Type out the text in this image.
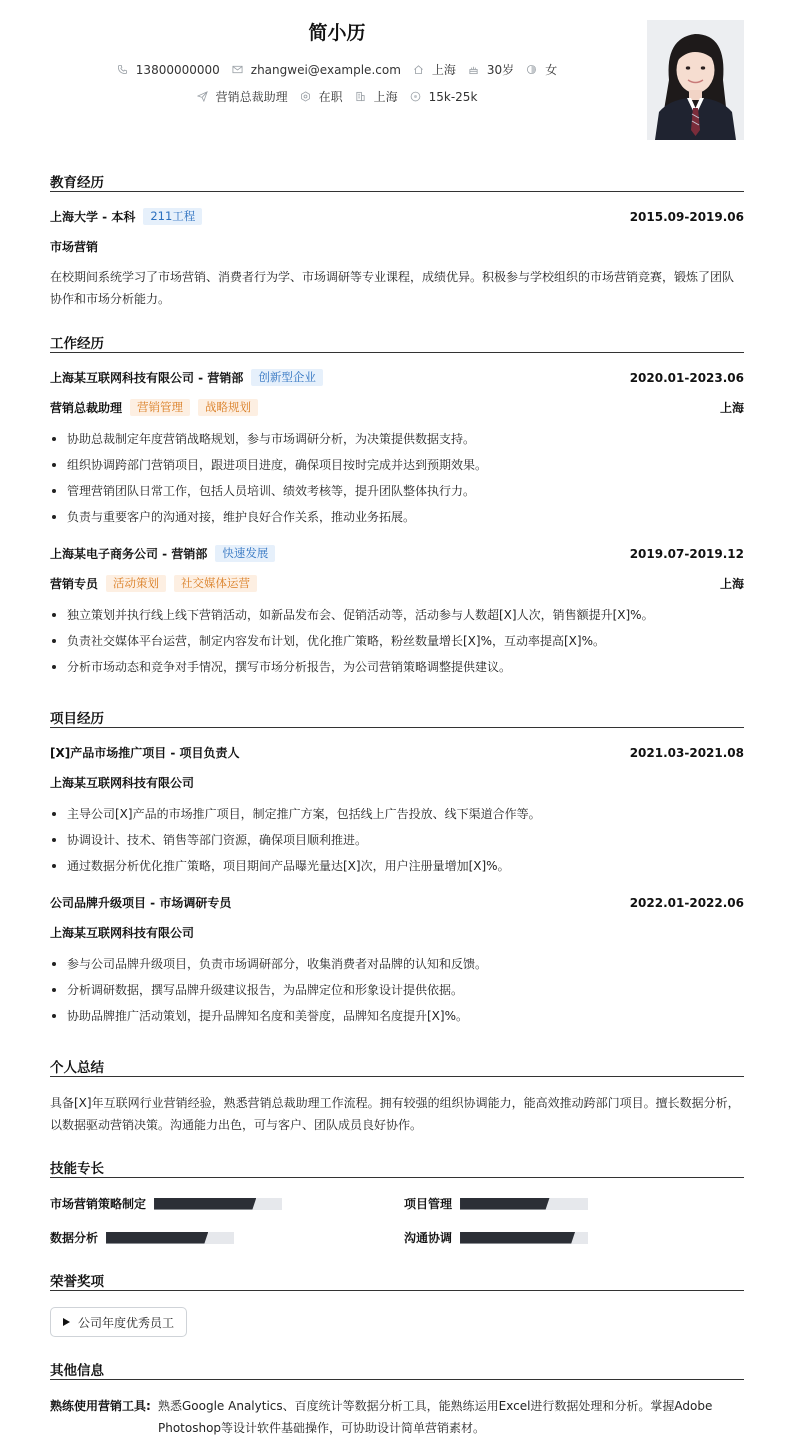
简小历
13800000000	zhangwei@example.com	上海	30岁	女
营销总裁助理	在职	上海	15k-25k
教育经历
上海大学 - 本科	211工程	2015.09-2019.06
市场营销
在校期间系统学习了市场营销、消费者行为学、市场调研等专业课程，成绩优异。积极参与学校组织的市场营销竞赛，锻炼了团队协作和市场分析能力。
工作经历
上海某互联网科技有限公司 - 营销部	创新型企业	2020.01-2023.06
营销总裁助理	营销管理	战略规划	上海
协助总裁制定年度营销战略规划，参与市场调研分析，为决策提供数据支持。
组织协调跨部门营销项目，跟进项目进度，确保项目按时完成并达到预期效果。
管理营销团队日常工作，包括人员培训、绩效考核等，提升团队整体执行力。
负责与重要客户的沟通对接，维护良好合作关系，推动业务拓展。
上海某电子商务公司 - 营销部	快速发展	2019.07-2019.12
营销专员	活动策划	社交媒体运营	上海
独立策划并执行线上线下营销活动，如新品发布会、促销活动等，活动参与人数超[X]人次，销售额提升[X]%。
负责社交媒体平台运营，制定内容发布计划，优化推广策略，粉丝数量增长[X]%，互动率提高[X]%。
分析市场动态和竞争对手情况，撰写市场分析报告，为公司营销策略调整提供建议。
项目经历
[X]产品市场推广项目 - 项目负责人	2021.03-2021.08
上海某互联网科技有限公司
主导公司[X]产品的市场推广项目，制定推广方案，包括线上广告投放、线下渠道合作等。
协调设计、技术、销售等部门资源，确保项目顺利推进。
通过数据分析优化推广策略，项目期间产品曝光量达[X]次，用户注册量增加[X]%。
公司品牌升级项目 - 市场调研专员	2022.01-2022.06
上海某互联网科技有限公司
参与公司品牌升级项目，负责市场调研部分，收集消费者对品牌的认知和反馈。
分析调研数据，撰写品牌升级建议报告，为品牌定位和形象设计提供依据。
协助品牌推广活动策划，提升品牌知名度和美誉度，品牌知名度提升[X]%。
个人总结
具备[X]年互联网行业营销经验，熟悉营销总裁助理工作流程。拥有较强的组织协调能力，能高效推动跨部门项目。擅长数据分析，以数据驱动营销决策。沟通能力出色，可与客户、团队成员良好协作。
技能专长
市场营销策略制定	项目管理
数据分析	沟通协调
荣誉奖项
公司年度优秀员工
其他信息
熟练使用营销工具: 熟悉Google Analytics、百度统计等数据分析工具，能熟练运用Excel进行数据处理和分析。掌握Adobe Photoshop等设计软件基础操作，可协助设计简单营销素材。
